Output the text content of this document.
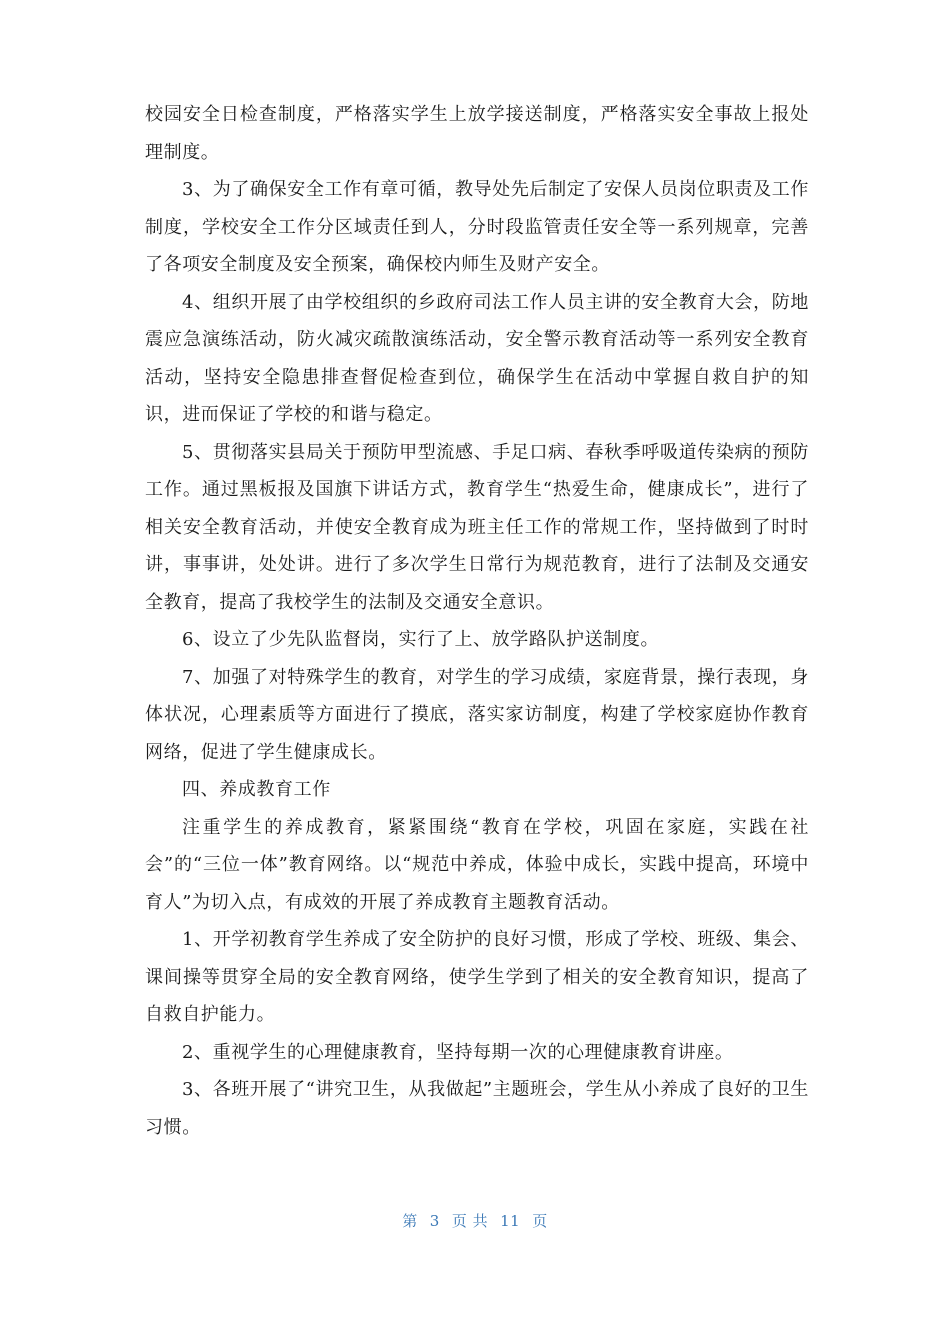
校园安全日检查制度，严格落实学生上放学接送制度，严格落实安全事故上报处理制度。

3、为了确保安全工作有章可循，教导处先后制定了安保人员岗位职责及工作制度，学校安全工作分区域责任到人，分时段监管责任安全等一系列规章，完善了各项安全制度及安全预案，确保校内师生及财产安全。

4、组织开展了由学校组织的乡政府司法工作人员主讲的安全教育大会，防地震应急演练活动，防火减灾疏散演练活动，安全警示教育活动等一系列安全教育活动，坚持安全隐患排查督促检查到位，确保学生在活动中掌握自救自护的知识，进而保证了学校的和谐与稳定。

5、贯彻落实县局关于预防甲型流感、手足口病、春秋季呼吸道传染病的预防工作。通过黑板报及国旗下讲话方式，教育学生“热爱生命，健康成长”，进行了相关安全教育活动，并使安全教育成为班主任工作的常规工作，坚持做到了时时讲，事事讲，处处讲。进行了多次学生日常行为规范教育，进行了法制及交通安全教育，提高了我校学生的法制及交通安全意识。

6、设立了少先队监督岗，实行了上、放学路队护送制度。

7、加强了对特殊学生的教育，对学生的学习成绩，家庭背景，操行表现，身体状况，心理素质等方面进行了摸底，落实家访制度，构建了学校家庭协作教育网络，促进了学生健康成长。

四、养成教育工作

注重学生的养成教育，紧紧围绕“教育在学校，巩固在家庭，实践在社会”的“三位一体”教育网络。以“规范中养成，体验中成长，实践中提高，环境中育人”为切入点，有成效的开展了养成教育主题教育活动。

1、开学初教育学生养成了安全防护的良好习惯，形成了学校、班级、集会、课间操等贯穿全局的安全教育网络，使学生学到了相关的安全教育知识，提高了自救自护能力。

2、重视学生的心理健康教育，坚持每期一次的心理健康教育讲座。

3、各班开展了“讲究卫生，从我做起”主题班会，学生从小养成了良好的卫生习惯。

第 3 页 共 11 页
